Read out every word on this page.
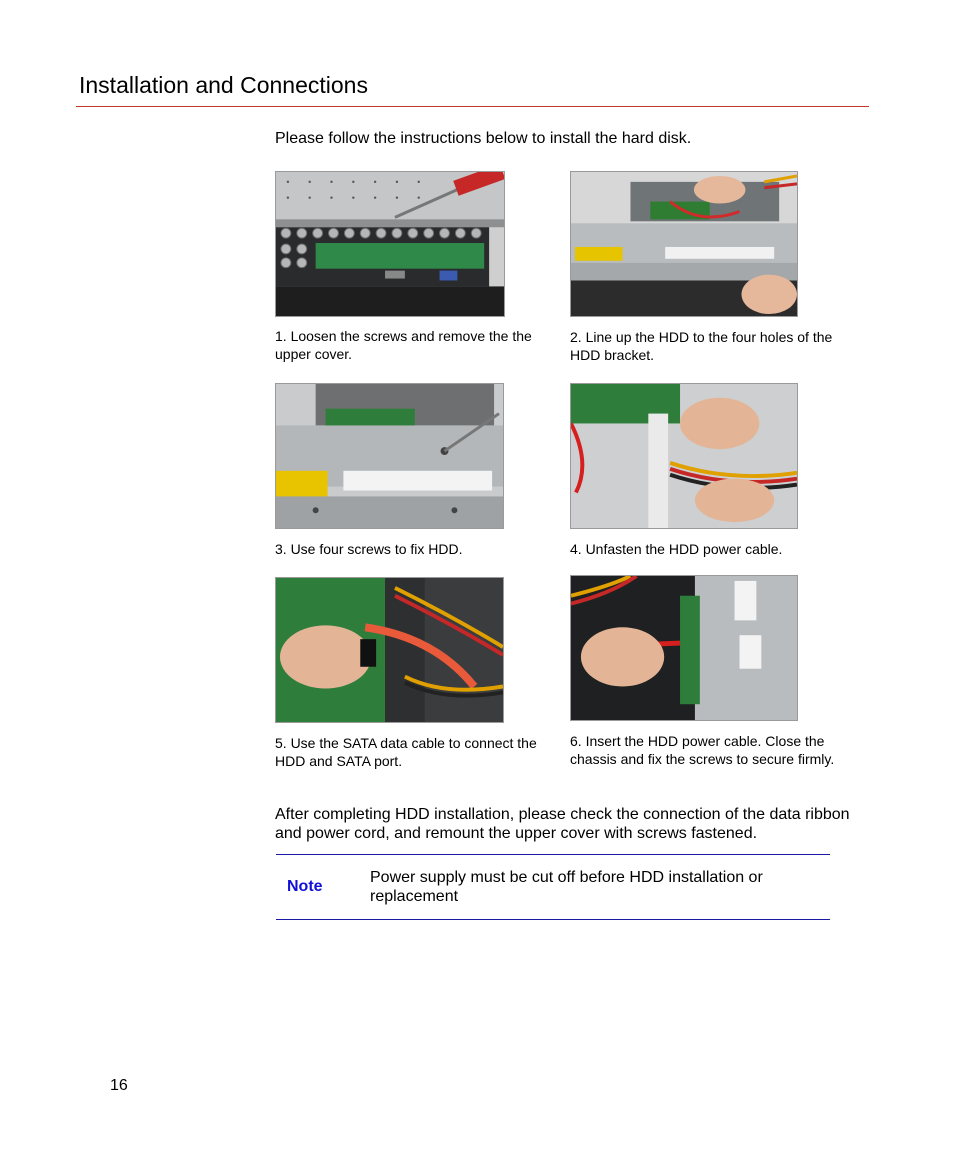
Installation and Connections

Please follow the instructions below to install the hard disk.

1. Loosen the screws and remove the the upper cover.

2. Line up the HDD to the four holes of the HDD bracket.

3. Use four screws to fix HDD.	4. Unfasten the HDD power cable.

5. Use the SATA data cable to connect the HDD and SATA port.

6. Insert the HDD power cable. Close the chassis and fix the screws to secure firmly.

After completing HDD installation, please check the connection of the data ribbon and power cord, and remount the upper cover with screws fastened.

Note
Power supply must be cut off before HDD installation or replacement
16
